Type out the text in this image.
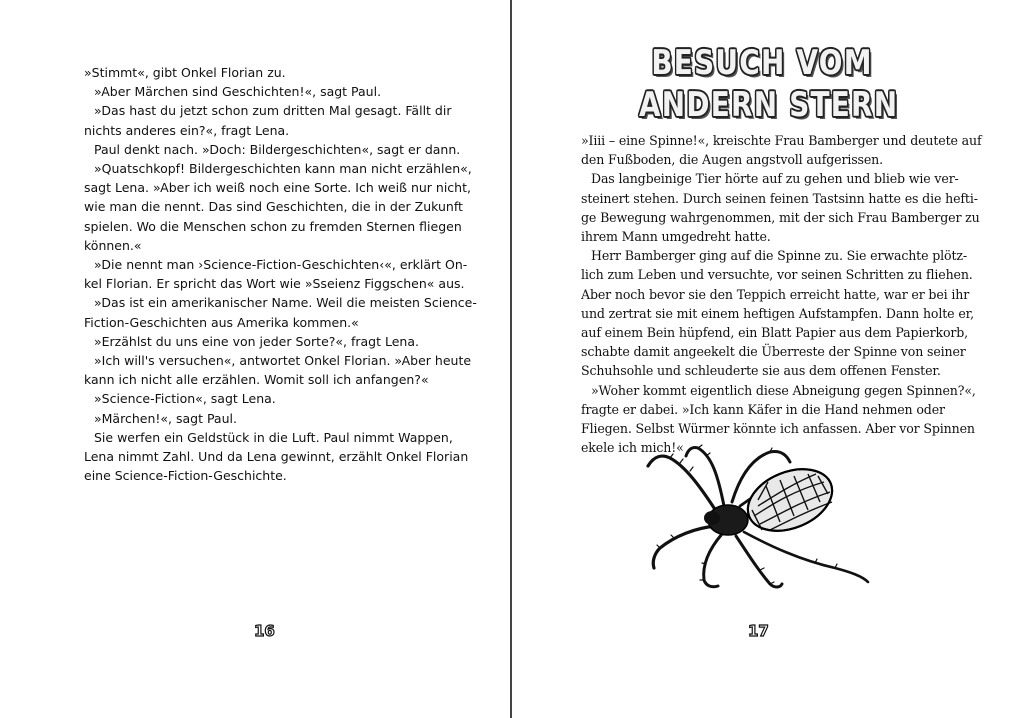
»Stimmt«, gibt Onkel Florian zu.

»Aber Märchen sind Geschichten!«, sagt Paul.

»Das hast du jetzt schon zum dritten Mal gesagt. Fällt dir

nichts anderes ein?«, fragt Lena.

Paul denkt nach. »Doch: Bildergeschichten«, sagt er dann.

»Quatschkopf! Bildergeschichten kann man nicht erzählen«,

sagt Lena. »Aber ich weiß noch eine Sorte. Ich weiß nur nicht,

wie man die nennt. Das sind Geschichten, die in der Zukunft

spielen. Wo die Menschen schon zu fremden Sternen fliegen

können.«

»Die nennt man ›Science-Fiction-Geschichten‹«, erklärt On-

kel Florian. Er spricht das Wort wie »Sseienz Figgschen« aus.

»Das ist ein amerikanischer Name. Weil die meisten Science-

Fiction-Geschichten aus Amerika kommen.«

»Erzählst du uns eine von jeder Sorte?«, fragt Lena.

»Ich will's versuchen«, antwortet Onkel Florian. »Aber heute

kann ich nicht alle erzählen. Womit soll ich anfangen?«

»Science-Fiction«, sagt Lena.

»Märchen!«, sagt Paul.

Sie werfen ein Geldstück in die Luft. Paul nimmt Wappen,

Lena nimmt Zahl. Und da Lena gewinnt, erzählt Onkel Florian

eine Science-Fiction-Geschichte.

16
BESUCH VOM
ANDERN STERN

»Iiii – eine Spinne!«, kreischte Frau Bamberger und deutete auf

den Fußboden, die Augen angstvoll aufgerissen.

Das langbeinige Tier hörte auf zu gehen und blieb wie ver-

steinert stehen. Durch seinen feinen Tastsinn hatte es die hefti-

ge Bewegung wahrgenommen, mit der sich Frau Bamberger zu

ihrem Mann umgedreht hatte.

Herr Bamberger ging auf die Spinne zu. Sie erwachte plötz-

lich zum Leben und versuchte, vor seinen Schritten zu fliehen.

Aber noch bevor sie den Teppich erreicht hatte, war er bei ihr

und zertrat sie mit einem heftigen Aufstampfen. Dann holte er,

auf einem Bein hüpfend, ein Blatt Papier aus dem Papierkorb,

schabte damit angeekelt die Überreste der Spinne von seiner

Schuhsohle und schleuderte sie aus dem offenen Fenster.

»Woher kommt eigentlich diese Abneigung gegen Spinnen?«,

fragte er dabei. »Ich kann Käfer in die Hand nehmen oder

Fliegen. Selbst Würmer könnte ich anfassen. Aber vor Spinnen

ekele ich mich!«

17
